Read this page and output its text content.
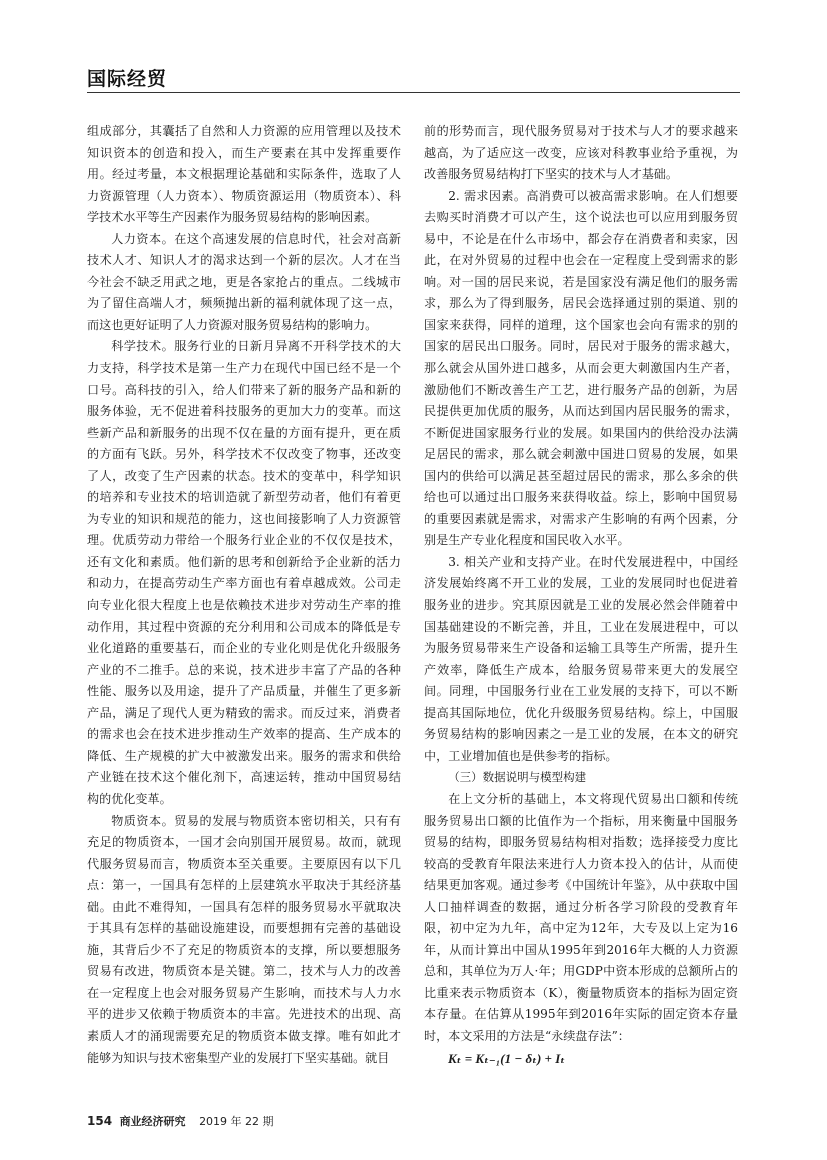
国际经贸

组成部分，其囊括了自然和人力资源的应用管理以及技术知识资本的创造和投入，而生产要素在其中发挥重要作用。经过考量，本文根据理论基础和实际条件，选取了人力资源管理（人力资本）、物质资源运用（物质资本）、科学技术水平等生产因素作为服务贸易结构的影响因素。

人力资本。在这个高速发展的信息时代，社会对高新技术人才、知识人才的渴求达到一个新的层次。人才在当今社会不缺乏用武之地，更是各家抢占的重点。二线城市为了留住高端人才，频频抛出新的福利就体现了这一点，而这也更好证明了人力资源对服务贸易结构的影响力。

科学技术。服务行业的日新月异离不开科学技术的大力支持，科学技术是第一生产力在现代中国已经不是一个口号。高科技的引入，给人们带来了新的服务产品和新的服务体验，无不促进着科技服务的更加大力的变革。而这些新产品和新服务的出现不仅在量的方面有提升，更在质的方面有飞跃。另外，科学技术不仅改变了物事，还改变了人，改变了生产因素的状态。技术的变革中，科学知识的培养和专业技术的培训造就了新型劳动者，他们有着更为专业的知识和规范的能力，这也间接影响了人力资源管理。优质劳动力带给一个服务行业企业的不仅仅是技术，还有文化和素质。他们新的思考和创新给予企业新的活力和动力，在提高劳动生产率方面也有着卓越成效。公司走向专业化很大程度上也是依赖技术进步对劳动生产率的推动作用，其过程中资源的充分利用和公司成本的降低是专业化道路的重要基石，而企业的专业化则是优化升级服务产业的不二推手。总的来说，技术进步丰富了产品的各种性能、服务以及用途，提升了产品质量，并催生了更多新产品，满足了现代人更为精致的需求。而反过来，消费者的需求也会在技术进步推动生产效率的提高、生产成本的降低、生产规模的扩大中被激发出来。服务的需求和供给产业链在技术这个催化剂下，高速运转，推动中国贸易结构的优化变革。

物质资本。贸易的发展与物质资本密切相关，只有有充足的物质资本，一国才会向别国开展贸易。故而，就现代服务贸易而言，物质资本至关重要。主要原因有以下几点：第一，一国具有怎样的上层建筑水平取决于其经济基础。由此不难得知，一国具有怎样的服务贸易水平就取决于其具有怎样的基础设施建设，而要想拥有完善的基础设施，其背后少不了充足的物质资本的支撑，所以要想服务贸易有改进，物质资本是关键。第二，技术与人力的改善在一定程度上也会对服务贸易产生影响，而技术与人力水平的进步又依赖于物质资本的丰富。先进技术的出现、高素质人才的涌现需要充足的物质资本做支撑。唯有如此才能够为知识与技术密集型产业的发展打下坚实基础。就目

前的形势而言，现代服务贸易对于技术与人才的要求越来越高，为了适应这一改变，应该对科教事业给予重视，为改善服务贸易结构打下坚实的技术与人才基础。

2. 需求因素。高消费可以被高需求影响。在人们想要去购买时消费才可以产生，这个说法也可以应用到服务贸易中，不论是在什么市场中，都会存在消费者和卖家，因此，在对外贸易的过程中也会在一定程度上受到需求的影响。对一国的居民来说，若是国家没有满足他们的服务需求，那么为了得到服务，居民会选择通过别的渠道、别的国家来获得，同样的道理，这个国家也会向有需求的别的国家的居民出口服务。同时，居民对于服务的需求越大，那么就会从国外进口越多，从而会更大刺激国内生产者，激励他们不断改善生产工艺，进行服务产品的创新，为居民提供更加优质的服务，从而达到国内居民服务的需求，不断促进国家服务行业的发展。如果国内的供给没办法满足居民的需求，那么就会刺激中国进口贸易的发展，如果国内的供给可以满足甚至超过居民的需求，那么多余的供给也可以通过出口服务来获得收益。综上，影响中国贸易的重要因素就是需求，对需求产生影响的有两个因素，分别是生产专业化程度和国民收入水平。

3. 相关产业和支持产业。在时代发展进程中，中国经济发展始终离不开工业的发展，工业的发展同时也促进着服务业的进步。究其原因就是工业的发展必然会伴随着中国基础建设的不断完善，并且，工业在发展进程中，可以为服务贸易带来生产设备和运输工具等生产所需，提升生产效率，降低生产成本，给服务贸易带来更大的发展空间。同理，中国服务行业在工业发展的支持下，可以不断提高其国际地位，优化升级服务贸易结构。综上，中国服务贸易结构的影响因素之一是工业的发展，在本文的研究中，工业增加值也是供参考的指标。

（三）数据说明与模型构建

在上文分析的基础上，本文将现代贸易出口额和传统服务贸易出口额的比值作为一个指标，用来衡量中国服务贸易的结构，即服务贸易结构相对指数；选择接受力度比较高的受教育年限法来进行人力资本投入的估计，从而使结果更加客观。通过参考《中国统计年鉴》，从中获取中国人口抽样调查的数据，通过分析各学习阶段的受教育年限，初中定为九年，高中定为12年，大专及以上定为16年，从而计算出中国从1995年到2016年大概的人力资源总和，其单位为万人·年；用GDP中资本形成的总额所占的比重来表示物质资本（K），衡量物质资本的指标为固定资本存量。在估算从1995年到2016年实际的固定资本存量时，本文采用的方法是“永续盘存法”：

Kₜ = Kₜ₋₁(1 − δₜ) + Iₜ
154 商业经济研究 2019 年 22 期
